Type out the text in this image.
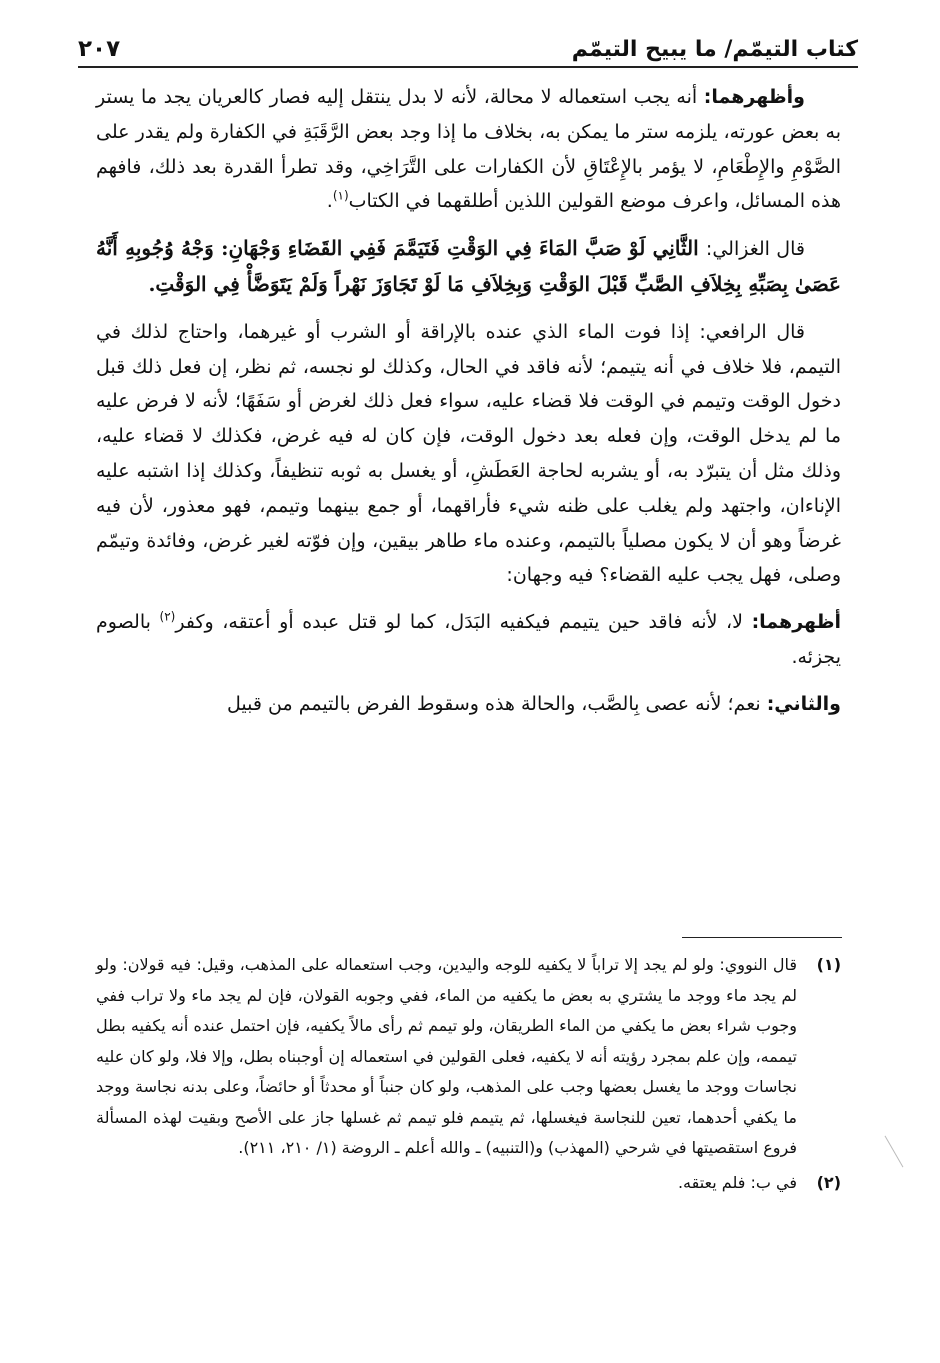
كتاب التيمّم/ ما يبيح التيمّم
٢٠٧

وأظهرهما: أنه يجب استعماله لا محالة، لأنه لا بدل ينتقل إليه فصار كالعريان يجد ما يستر به بعض عورته، يلزمه ستر ما يمكن به، بخلاف ما إذا وجد بعض الرَّقَبَةِ في الكفارة ولم يقدر على الصَّوْمِ والإِطْعَامِ، لا يؤمر بالإِعْتَاقِ لأن الكفارات على التَّرَاخِي، وقد تطرأ القدرة بعد ذلك، فافهم هذه المسائل، واعرف موضع القولين اللذين أطلقهما في الكتاب$^{(١)}$.

قال الغزالي: الثَّانِي لَوْ صَبَّ المَاءَ فِي الوَقْتِ فَتَيَمَّمَ فَفِي القَضَاءِ وَجْهَانِ: وَجْهُ وُجُوبِهِ أَنَّهُ عَصَىٰ بِصَبِّهِ بِخِلاَفِ الصَّبِّ قَبْلَ الوَقْتِ وَبِخِلاَفِ مَا لَوْ تَجَاوَزَ نَهْراً وَلَمْ يَتَوَضَّأْ فِي الوَقْتِ.

قال الرافعي: إذا فوت الماء الذي عنده بالإراقة أو الشرب أو غيرهما، واحتاج لذلك في التيمم، فلا خلاف في أنه يتيمم؛ لأنه فاقد في الحال، وكذلك لو نجسه، ثم نظر، إن فعل ذلك قبل دخول الوقت وتيمم في الوقت فلا قضاء عليه، سواء فعل ذلك لغرض أو سَفَهًا؛ لأنه لا فرض عليه ما لم يدخل الوقت، وإن فعله بعد دخول الوقت، فإن كان له فيه غرض، فكذلك لا قضاء عليه، وذلك مثل أن يتبرّد به، أو يشربه لحاجة العَطَشِ، أو يغسل به ثوبه تنظيفاً، وكذلك إذا اشتبه عليه الإناءان، واجتهد ولم يغلب على ظنه شيء فأراقهما، أو جمع بينهما وتيمم، فهو معذور، لأن فيه غرضاً وهو أن لا يكون مصلياً بالتيمم، وعنده ماء طاهر بيقين، وإن فوّته لغير غرض، وفائدة وتيمّم وصلى، فهل يجب عليه القضاء؟ فيه وجهان:

أظهرهما: لا، لأنه فاقد حين يتيمم فيكفيه البَدَل، كما لو قتل عبده أو أعتقه، وكفر$^{(٢)}$ بالصوم يجزئه.

والثاني: نعم؛ لأنه عصى بِالصَّب، والحالة هذه وسقوط الفرض بالتيمم من قبيل

(١)
قال النووي: ولو لم يجد إلا تراباً لا يكفيه للوجه واليدين، وجب استعماله على المذهب، وقيل: فيه قولان: ولو لم يجد ماء ووجد ما يشتري به بعض ما يكفيه من الماء، ففي وجوبه القولان، فإن لم يجد ماء ولا تراب ففي وجوب شراء بعض ما يكفي من الماء الطريقان، ولو تيمم ثم رأى مالاً يكفيه، فإن احتمل عنده أنه يكفيه بطل تيممه، وإن علم بمجرد رؤيته أنه لا يكفيه، فعلى القولين في استعماله إن أوجبناه بطل، وإلا فلا، ولو كان عليه نجاسات ووجد ما يغسل بعضها وجب على المذهب، ولو كان جنباً أو محدثاً أو حائضاً، وعلى بدنه نجاسة ووجد ما يكفي أحدهما، تعين للنجاسة فيغسلها، ثم يتيمم فلو تيمم ثم غسلها جاز على الأصح وبقيت لهذه المسألة فروع استقصيتها في شرحي (المهذب) و(التنبيه) ـ والله أعلم ـ الروضة (١/ ٢١٠، ٢١١).
(٢)
في ب: فلم يعتقه.
